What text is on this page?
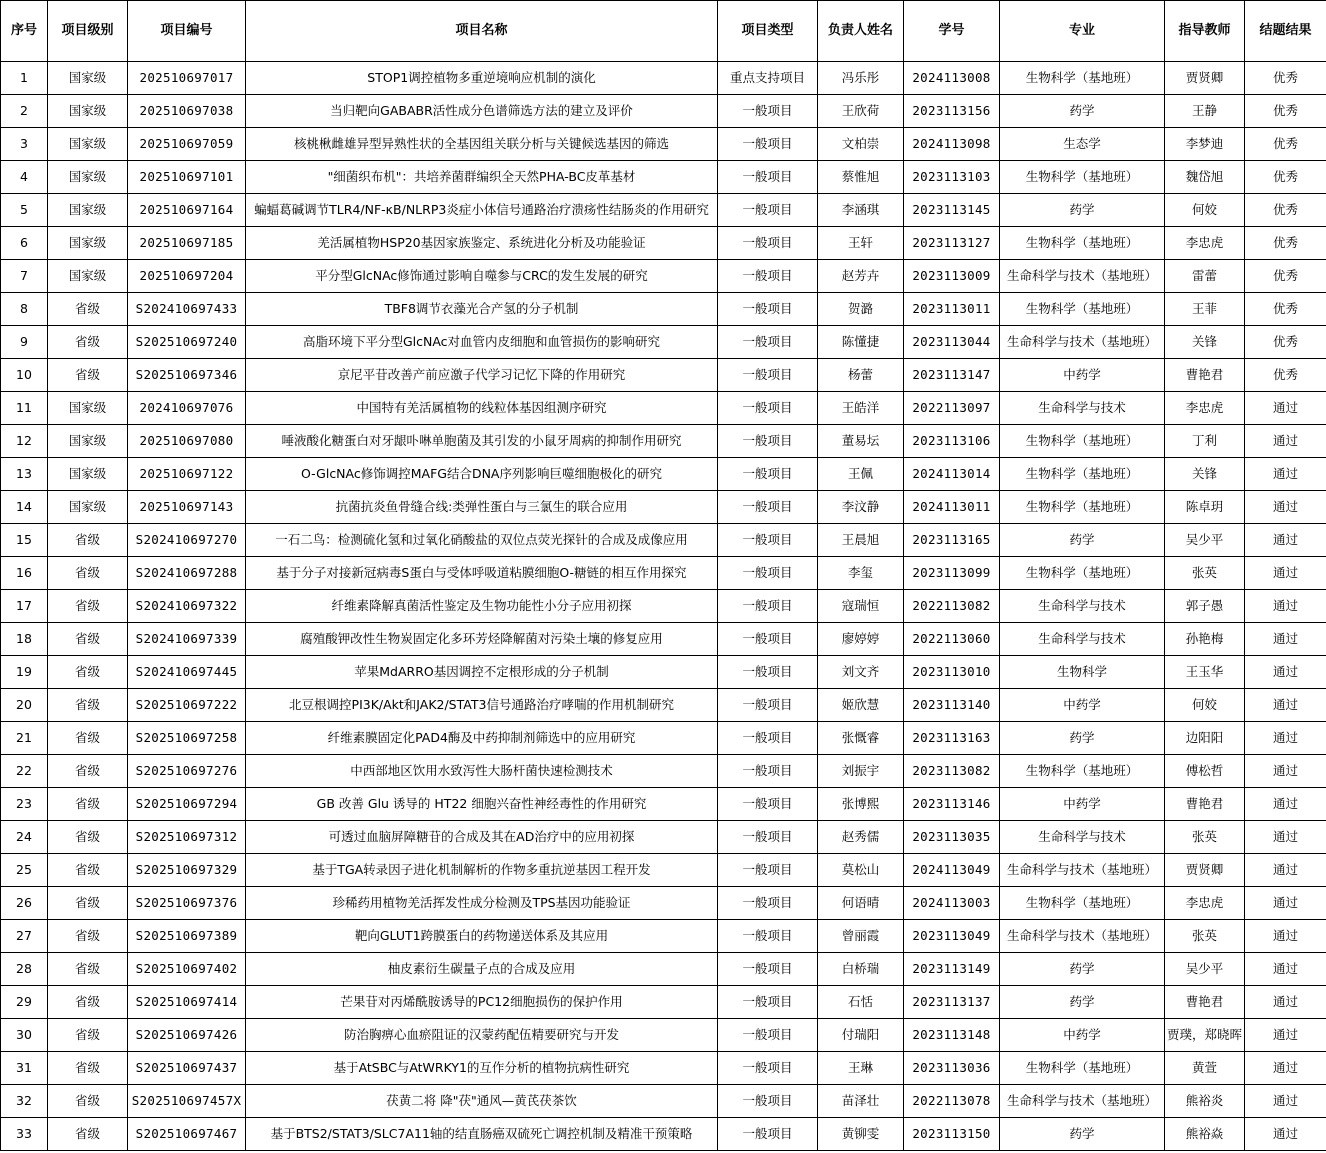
序号	项目级别	项目编号	项目名称	项目类型	负责人姓名	学号	专业	指导教师	结题结果
1	国家级	202510697017	STOP1调控植物多重逆境响应机制的演化	重点支持项目	冯乐彤	2024113008	生物科学（基地班）	贾贤卿	优秀
2	国家级	202510697038	当归靶向GABABR活性成分色谱筛选方法的建立及评价	一般项目	王欣荷	2023113156	药学	王静	优秀
3	国家级	202510697059	核桃楸雌雄异型异熟性状的全基因组关联分析与关键候选基因的筛选	一般项目	文柏崇	2024113098	生态学	李梦迪	优秀
4	国家级	202510697101	"细菌织布机"：共培养菌群编织全天然PHA-BC皮革基材	一般项目	蔡惟旭	2023113103	生物科学（基地班）	魏岱旭	优秀
5	国家级	202510697164	蝙蝠葛碱调节TLR4/NF-κB/NLRP3炎症小体信号通路治疗溃疡性结肠炎的作用研究	一般项目	李涵琪	2023113145	药学	何姣	优秀
6	国家级	202510697185	羌活属植物HSP20基因家族鉴定、系统进化分析及功能验证	一般项目	王轩	2023113127	生物科学（基地班）	李忠虎	优秀
7	国家级	202510697204	平分型GlcNAc修饰通过影响自噬参与CRC的发生发展的研究	一般项目	赵芳卉	2023113009	生命科学与技术（基地班）	雷蕾	优秀
8	省级	S202410697433	TBF8调节衣藻光合产氢的分子机制	一般项目	贺潞	2023113011	生物科学（基地班）	王菲	优秀
9	省级	S202510697240	高脂环境下平分型GlcNAc对血管内皮细胞和血管损伤的影响研究	一般项目	陈懂捷	2023113044	生命科学与技术（基地班）	关锋	优秀
10	省级	S202510697346	京尼平苷改善产前应激子代学习记忆下降的作用研究	一般项目	杨蕾	2023113147	中药学	曹艳君	优秀
11	国家级	202410697076	中国特有羌活属植物的线粒体基因组测序研究	一般项目	王皓洋	2022113097	生命科学与技术	李忠虎	通过
12	国家级	202510697080	唾液酸化糖蛋白对牙龈卟啉单胞菌及其引发的小鼠牙周病的抑制作用研究	一般项目	董易坛	2023113106	生物科学（基地班）	丁利	通过
13	国家级	202510697122	O-GlcNAc修饰调控MAFG结合DNA序列影响巨噬细胞极化的研究	一般项目	王佩	2024113014	生物科学（基地班）	关锋	通过
14	国家级	202510697143	抗菌抗炎鱼骨缝合线:类弹性蛋白与三氯生的联合应用	一般项目	李汶静	2024113011	生物科学（基地班）	陈卓玥	通过
15	省级	S202410697270	一石二鸟：检测硫化氢和过氧化硝酸盐的双位点荧光探针的合成及成像应用	一般项目	王晨旭	2023113165	药学	吴少平	通过
16	省级	S202410697288	基于分子对接新冠病毒S蛋白与受体呼吸道粘膜细胞O-糖链的相互作用探究	一般项目	李玺	2023113099	生物科学（基地班）	张英	通过
17	省级	S202410697322	纤维素降解真菌活性鉴定及生物功能性小分子应用初探	一般项目	寇瑞恒	2022113082	生命科学与技术	郭子愚	通过
18	省级	S202410697339	腐殖酸钾改性生物炭固定化多环芳烃降解菌对污染土壤的修复应用	一般项目	廖婷婷	2022113060	生命科学与技术	孙艳梅	通过
19	省级	S202410697445	苹果MdARRO基因调控不定根形成的分子机制	一般项目	刘文齐	2023113010	生物科学	王玉华	通过
20	省级	S202510697222	北豆根调控PI3K/Akt和JAK2/STAT3信号通路治疗哮喘的作用机制研究	一般项目	姬欣慧	2023113140	中药学	何姣	通过
21	省级	S202510697258	纤维素膜固定化PAD4酶及中药抑制剂筛选中的应用研究	一般项目	张慨睿	2023113163	药学	边阳阳	通过
22	省级	S202510697276	中西部地区饮用水致泻性大肠杆菌快速检测技术	一般项目	刘振宇	2023113082	生物科学（基地班）	傅松哲	通过
23	省级	S202510697294	GB 改善 Glu 诱导的 HT22 细胞兴奋性神经毒性的作用研究	一般项目	张博熙	2023113146	中药学	曹艳君	通过
24	省级	S202510697312	可透过血脑屏障糖苷的合成及其在AD治疗中的应用初探	一般项目	赵秀儒	2023113035	生命科学与技术	张英	通过
25	省级	S202510697329	基于TGA转录因子进化机制解析的作物多重抗逆基因工程开发	一般项目	莫松山	2024113049	生命科学与技术（基地班）	贾贤卿	通过
26	省级	S202510697376	珍稀药用植物羌活挥发性成分检测及TPS基因功能验证	一般项目	何语晴	2024113003	生物科学（基地班）	李忠虎	通过
27	省级	S202510697389	靶向GLUT1跨膜蛋白的药物递送体系及其应用	一般项目	曾丽霞	2023113049	生命科学与技术（基地班）	张英	通过
28	省级	S202510697402	柚皮素衍生碳量子点的合成及应用	一般项目	白桥瑞	2023113149	药学	吴少平	通过
29	省级	S202510697414	芒果苷对丙烯酰胺诱导的PC12细胞损伤的保护作用	一般项目	石恬	2023113137	药学	曹艳君	通过
30	省级	S202510697426	防治胸痹心血瘀阻证的汉蒙药配伍精要研究与开发	一般项目	付瑞阳	2023113148	中药学	贾璞，郑晓晖	通过
31	省级	S202510697437	基于AtSBC与AtWRKY1的互作分析的植物抗病性研究	一般项目	王琳	2023113036	生物科学（基地班）	黄萱	通过
32	省级	S20251069745​7X	茯黄二将 降"茯"通风—黄芪茯茶饮	一般项目	苗泽壮	2022113078	生命科学与技术（基地班）	熊裕炎	通过
33	省级	S202510697467	基于BTS2/STAT3/SLC7A11轴的结直肠癌双硫死亡调控机制及精准干预策略	一般项目	黄铆雯	2023113150	药学	熊裕焱	通过
